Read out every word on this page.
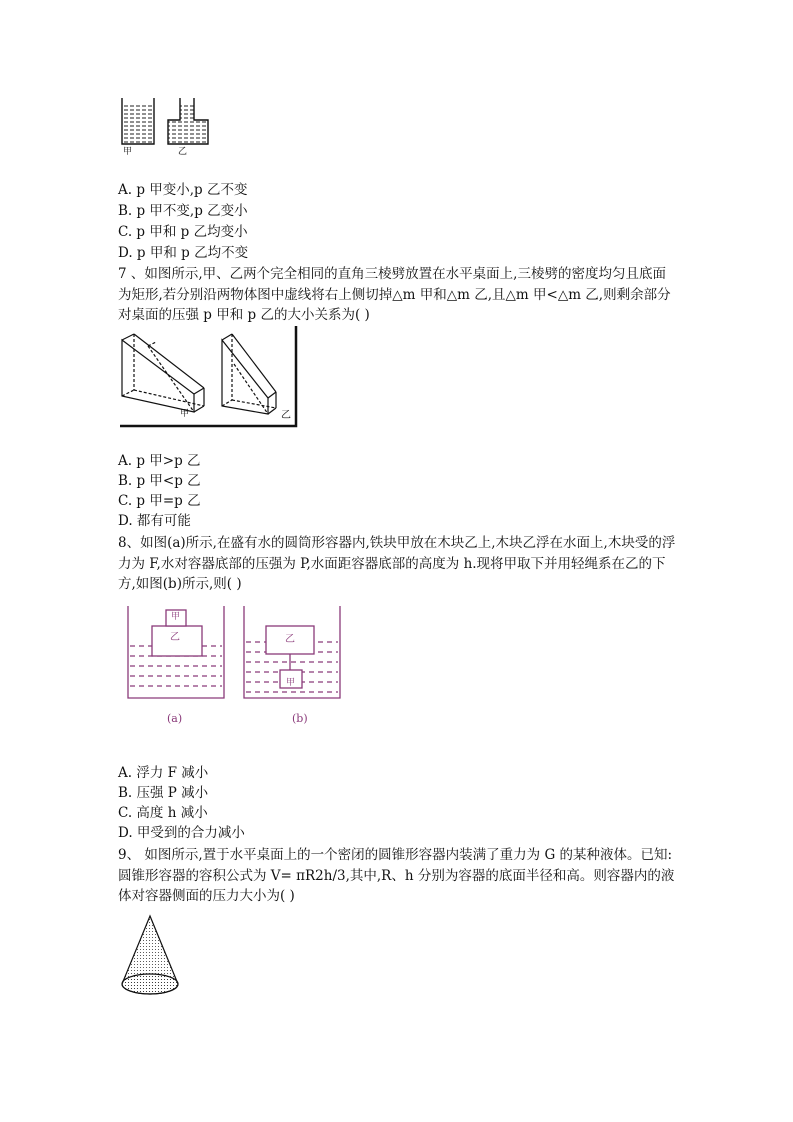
甲	乙
A. p 甲变小,p 乙不变
B. p 甲不变,p 乙变小
C. p 甲和 p 乙均变小
D. p 甲和 p 乙均不变
7 、如图所示,甲、乙两个完全相同的直角三棱劈放置在水平桌面上,三棱劈的密度均匀且底面为矩形,若分别沿两物体图中虚线将右上侧切掉△m 甲和△m 乙,且△m 甲<△m 乙,则剩余部分对桌面的压强 p 甲和 p 乙的大小关系为( )
甲	乙
A. p 甲>p 乙
B. p 甲<p 乙
C. p 甲=p 乙
D. 都有可能
8、如图(a)所示,在盛有水的圆筒形容器内,铁块甲放在木块乙上,木块乙浮在水面上,木块受的浮力为 F,水对容器底部的压强为 P,水面距容器底部的高度为 h.现将甲取下并用轻绳系在乙的下方,如图(b)所示,则( )
甲
乙	乙
甲
(a)	(b)
A. 浮力 F 减小
B. 压强 P 减小
C. 高度 h 减小
D. 甲受到的合力减小
9、 如图所示,置于水平桌面上的一个密闭的圆锥形容器内装满了重力为 G 的某种液体。已知:圆锥形容器的容积公式为 V= πR2h/3,其中,R、h 分别为容器的底面半径和高。则容器内的液体对容器侧面的压力大小为( )
